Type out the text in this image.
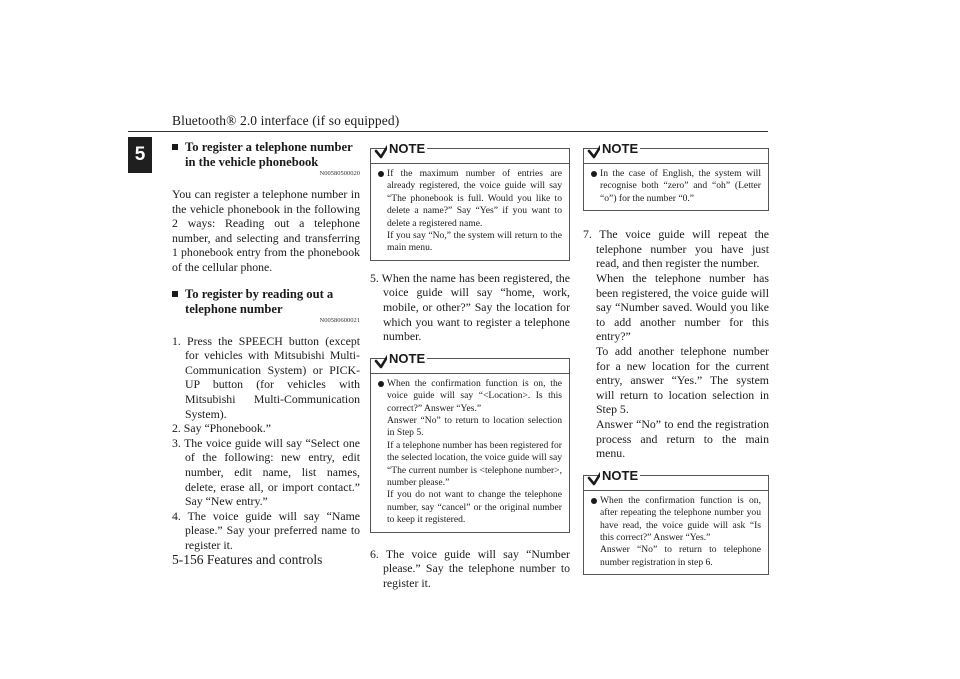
Bluetooth® 2.0 interface (if so equipped)
5	To register a telephone number in the vehicle phonebook

N00580500020

You can register a telephone number in the vehicle phonebook in the following 2 ways: Reading out a telephone number, and selecting and transferring 1 phonebook entry from the phonebook of the cellular phone.

To register by reading out a telephone number

N00580600021

1. Press the SPEECH button (except for vehicles with Mitsubishi Multi-Communication System) or PICK-UP button (for vehicles with Mitsubishi Multi-Communication System).

2. Say “Phonebook.”

3. The voice guide will say “Select one of the following: new entry, edit number, edit name, list names, delete, erase all, or import contact.” Say “New entry.”

4. The voice guide will say “Name please.” Say your preferred name to register it.

NOTE

If the maximum number of entries are already registered, the voice guide will say “The phonebook is full. Would you like to delete a name?” Say “Yes” if you want to delete a registered name.

If you say “No,” the system will return to the main menu.

5. When the name has been registered, the voice guide will say “home, work, mobile, or other?” Say the location for which you want to register a telephone number.

NOTE

When the confirmation function is on, the voice guide will say “<Location>. Is this correct?” Answer “Yes.”

Answer “No” to return to location selection in Step 5.

If a telephone number has been registered for the selected location, the voice guide will say “The current number is <telephone number>, number please.”

If you do not want to change the telephone number, say “cancel” or the original number to keep it registered.

6. The voice guide will say “Number please.” Say the telephone number to register it.

NOTE

In the case of English, the system will recognise both “zero” and “oh” (Letter “o”) for the number “0.”

7. The voice guide will repeat the telephone number you have just read, and then register the number.

When the telephone number has been registered, the voice guide will say “Number saved. Would you like to add another number for this entry?”

To add another telephone number for a new location for the current entry, answer “Yes.” The system will return to location selection in Step 5.

Answer “No” to end the registration process and return to the main menu.

NOTE

When the confirmation function is on, after repeating the telephone number you have read, the voice guide will ask “Is this correct?” Answer “Yes.”

Answer “No” to return to telephone number registration in step 6.

5-156 Features and controls
